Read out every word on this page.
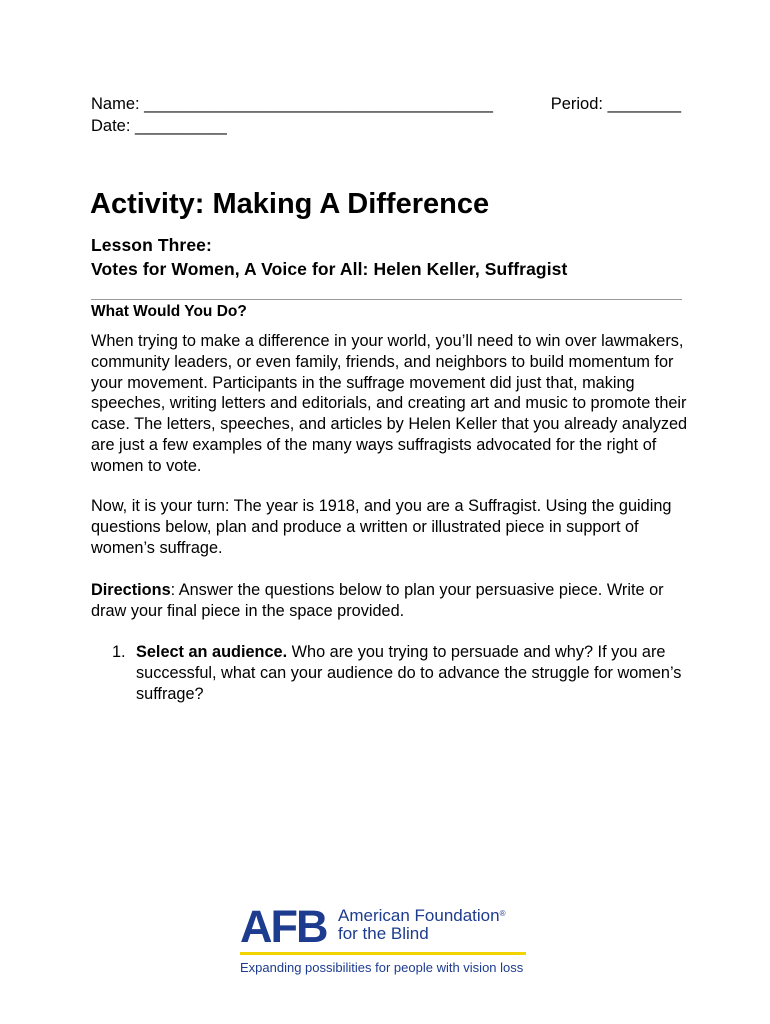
Name: ______________________________________	Period: ________
Date: __________
Activity: Making A Difference
Lesson Three:
Votes for Women, A Voice for All: Helen Keller, Suffragist
What Would You Do?

When trying to make a difference in your world, you’ll need to win over lawmakers, community leaders, or even family, friends, and neighbors to build momentum for your movement. Participants in the suffrage movement did just that, making speeches, writing letters and editorials, and creating art and music to promote their case. The letters, speeches, and articles by Helen Keller that you already analyzed are just a few examples of the many ways suffragists advocated for the right of women to vote.

Now, it is your turn: The year is 1918, and you are a Suffragist. Using the guiding questions below, plan and produce a written or illustrated piece in support of women’s suffrage.

Directions: Answer the questions below to plan your persuasive piece. Write or draw your final piece in the space provided.

1. Select an audience. Who are you trying to persuade and why? If you are successful, what can your audience do to advance the struggle for women’s suffrage?
AFB American Foundation®
for the Blind
Expanding possibilities for people with vision loss
